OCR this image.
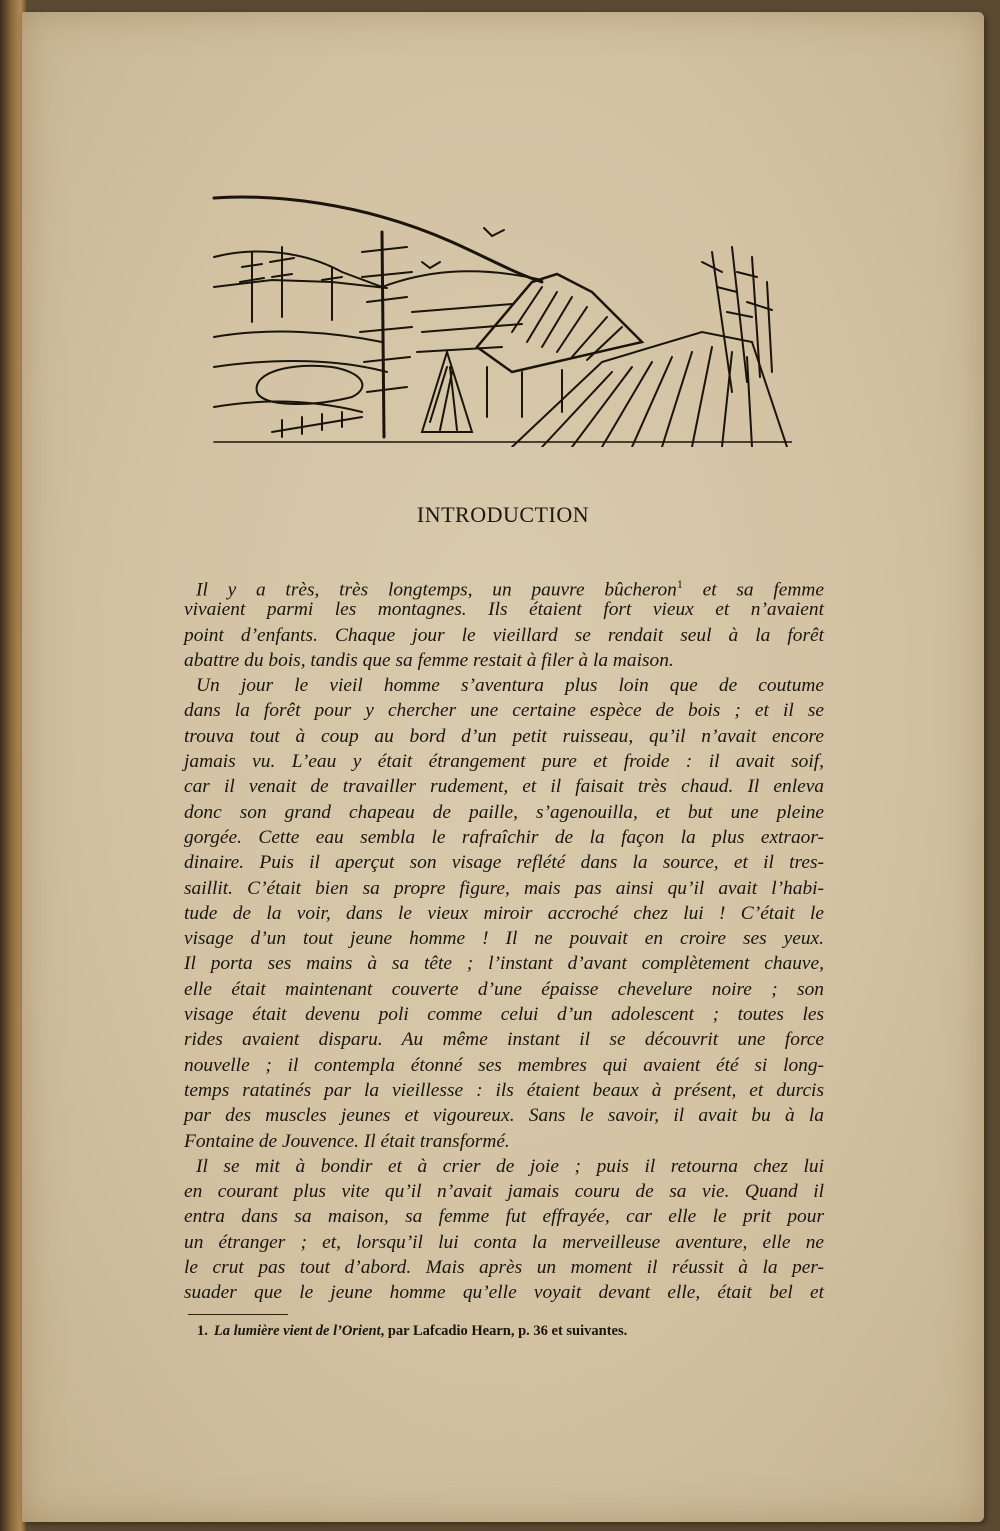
INTRODUCTION
Il y a très, très longtemps, un pauvre bûcheron$^1$ et sa femme
vivaient parmi les montagnes. Ils étaient fort vieux et n’avaient
point d’enfants. Chaque jour le vieillard se rendait seul à la forêt
abattre du bois, tandis que sa femme restait à filer à la maison.
Un jour le vieil homme s’aventura plus loin que de coutume
dans la forêt pour y chercher une certaine espèce de bois ; et il se
trouva tout à coup au bord d’un petit ruisseau, qu’il n’avait encore
jamais vu. L’eau y était étrangement pure et froide : il avait soif,
car il venait de travailler rudement, et il faisait très chaud. Il enleva
donc son grand chapeau de paille, s’agenouilla, et but une pleine
gorgée. Cette eau sembla le rafraîchir de la façon la plus extraor-
dinaire. Puis il aperçut son visage reflété dans la source, et il tres-
saillit. C’était bien sa propre figure, mais pas ainsi qu’il avait l’habi-
tude de la voir, dans le vieux miroir accroché chez lui ! C’était le
visage d’un tout jeune homme ! Il ne pouvait en croire ses yeux.
Il porta ses mains à sa tête ; l’instant d’avant complètement chauve,
elle était maintenant couverte d’une épaisse chevelure noire ; son
visage était devenu poli comme celui d’un adolescent ; toutes les
rides avaient disparu. Au même instant il se découvrit une force
nouvelle ; il contempla étonné ses membres qui avaient été si long-
temps ratatinés par la vieillesse : ils étaient beaux à présent, et durcis
par des muscles jeunes et vigoureux. Sans le savoir, il avait bu à la
Fontaine de Jouvence. Il était transformé.
Il se mit à bondir et à crier de joie ; puis il retourna chez lui
en courant plus vite qu’il n’avait jamais couru de sa vie. Quand il
entra dans sa maison, sa femme fut effrayée, car elle le prit pour
un étranger ; et, lorsqu’il lui conta la merveilleuse aventure, elle ne
le crut pas tout d’abord. Mais après un moment il réussit à la per-
suader que le jeune homme qu’elle voyait devant elle, était bel et
1. La lumière vient de l’Orient, par Lafcadio Hearn, p. 36 et suivantes.
